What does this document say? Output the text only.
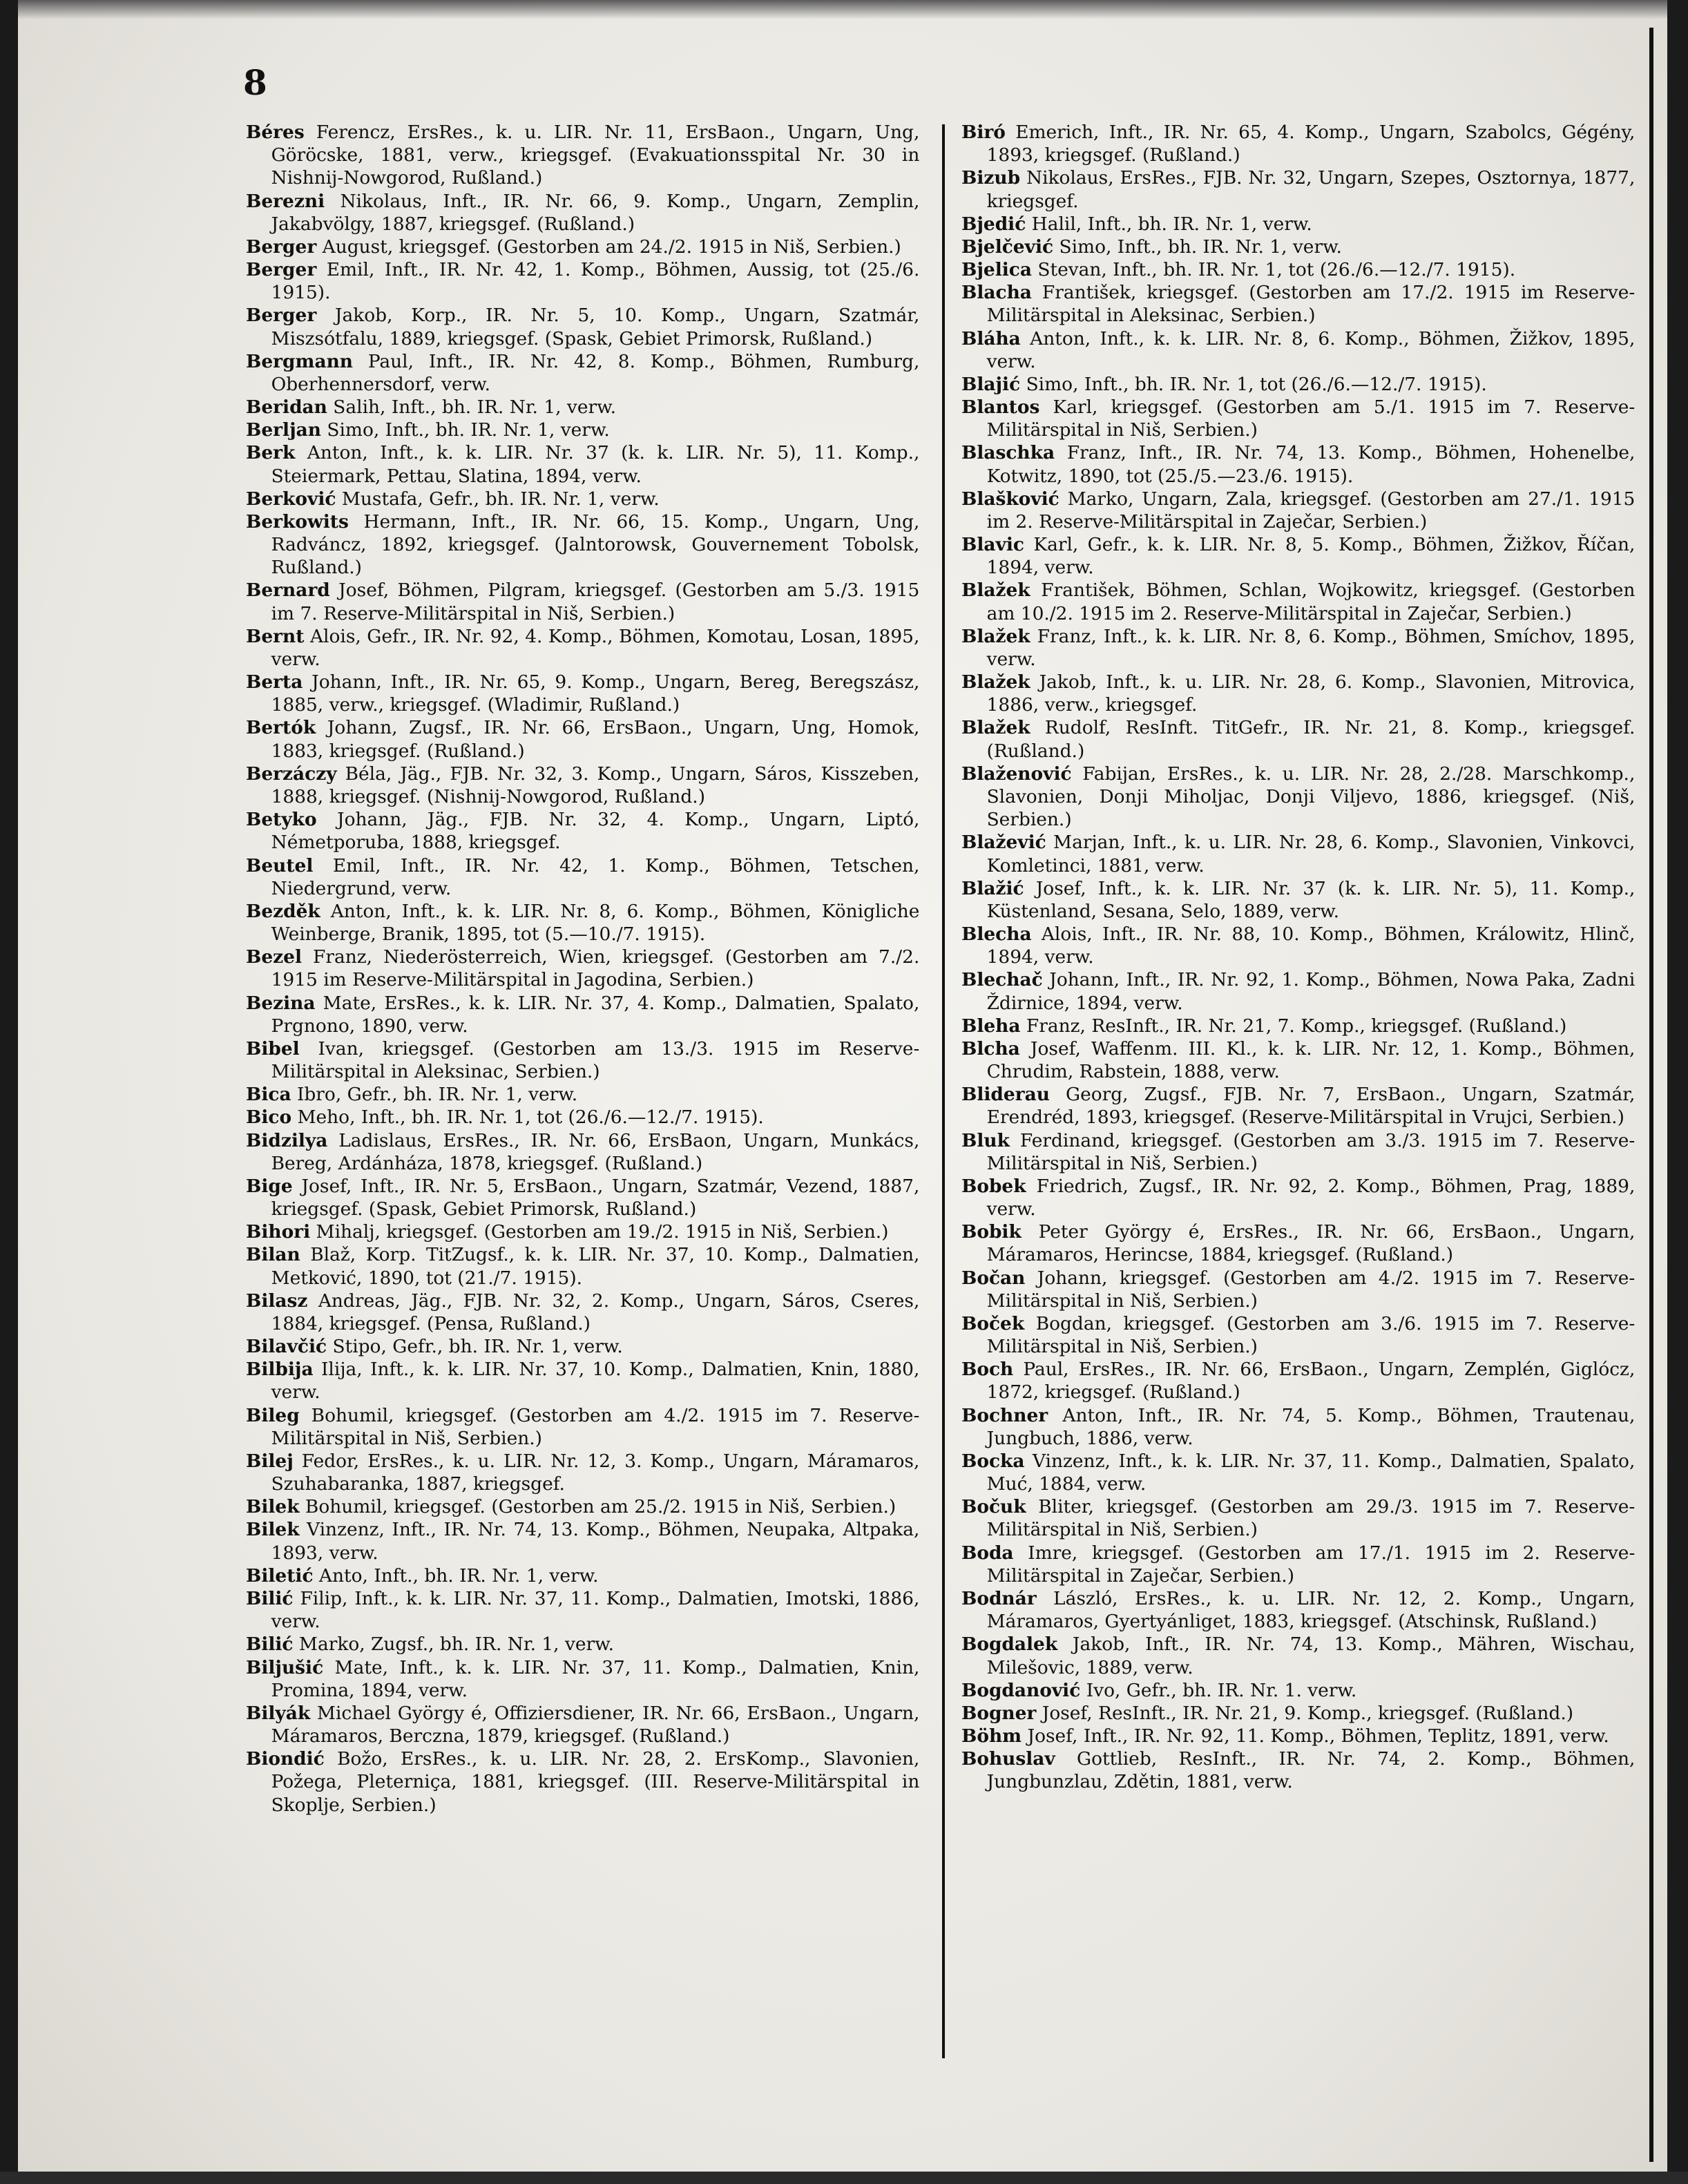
8

Béres Ferencz, ErsRes., k. u. LIR. Nr. 11, ErsBaon., Ungarn, Ung, Göröcske, 1881, verw., kriegsgef. (Evakuationsspital Nr. 30 in Nishnij-Nowgorod, Rußland.)

Berezni Nikolaus, Inft., IR. Nr. 66, 9. Komp., Ungarn, Zemplin, Jakabvölgy, 1887, kriegsgef. (Rußland.)

Berger August, kriegsgef. (Gestorben am 24./2. 1915 in Niš, Serbien.)

Berger Emil, Inft., IR. Nr. 42, 1. Komp., Böhmen, Aussig, tot (25./6. 1915).

Berger Jakob, Korp., IR. Nr. 5, 10. Komp., Ungarn, Szatmár, Miszsótfalu, 1889, kriegsgef. (Spask, Gebiet Primorsk, Rußland.)

Bergmann Paul, Inft., IR. Nr. 42, 8. Komp., Böhmen, Rumburg, Oberhennersdorf, verw.

Beridan Salih, Inft., bh. IR. Nr. 1, verw.

Berljan Simo, Inft., bh. IR. Nr. 1, verw.

Berk Anton, Inft., k. k. LIR. Nr. 37 (k. k. LIR. Nr. 5), 11. Komp., Steiermark, Pettau, Slatina, 1894, verw.

Berković Mustafa, Gefr., bh. IR. Nr. 1, verw.

Berkowits Hermann, Inft., IR. Nr. 66, 15. Komp., Ungarn, Ung, Radváncz, 1892, kriegsgef. (Jalntorowsk, Gouvernement Tobolsk, Rußland.)

Bernard Josef, Böhmen, Pilgram, kriegsgef. (Gestorben am 5./3. 1915 im 7. Reserve-Militärspital in Niš, Serbien.)

Bernt Alois, Gefr., IR. Nr. 92, 4. Komp., Böhmen, Komotau, Losan, 1895, verw.

Berta Johann, Inft., IR. Nr. 65, 9. Komp., Ungarn, Bereg, Beregszász, 1885, verw., kriegsgef. (Wladimir, Rußland.)

Bertók Johann, Zugsf., IR. Nr. 66, ErsBaon., Ungarn, Ung, Homok, 1883, kriegsgef. (Rußland.)

Berzáczy Béla, Jäg., FJB. Nr. 32, 3. Komp., Ungarn, Sáros, Kisszeben, 1888, kriegsgef. (Nishnij-Nowgorod, Rußland.)

Betyko Johann, Jäg., FJB. Nr. 32, 4. Komp., Ungarn, Liptó, Németporuba, 1888, kriegsgef.

Beutel Emil, Inft., IR. Nr. 42, 1. Komp., Böhmen, Tetschen, Niedergrund, verw.

Bezděk Anton, Inft., k. k. LIR. Nr. 8, 6. Komp., Böhmen, Königliche Weinberge, Branik, 1895, tot (5.—10./7. 1915).

Bezel Franz, Niederösterreich, Wien, kriegsgef. (Gestorben am 7./2. 1915 im Reserve-Militärspital in Jagodina, Serbien.)

Bezina Mate, ErsRes., k. k. LIR. Nr. 37, 4. Komp., Dalmatien, Spalato, Prgnono, 1890, verw.

Bibel Ivan, kriegsgef. (Gestorben am 13./3. 1915 im Reserve-Militärspital in Aleksinac, Serbien.)

Bica Ibro, Gefr., bh. IR. Nr. 1, verw.

Bico Meho, Inft., bh. IR. Nr. 1, tot (26./6.—12./7. 1915).

Bidzilya Ladislaus, ErsRes., IR. Nr. 66, ErsBaon, Ungarn, Munkács, Bereg, Ardánháza, 1878, kriegsgef. (Rußland.)

Bige Josef, Inft., IR. Nr. 5, ErsBaon., Ungarn, Szatmár, Vezend, 1887, kriegsgef. (Spask, Gebiet Primorsk, Rußland.)

Bihori Mihalj, kriegsgef. (Gestorben am 19./2. 1915 in Niš, Serbien.)

Bilan Blaž, Korp. TitZugsf., k. k. LIR. Nr. 37, 10. Komp., Dalmatien, Metković, 1890, tot (21./7. 1915).

Bilasz Andreas, Jäg., FJB. Nr. 32, 2. Komp., Ungarn, Sáros, Cseres, 1884, kriegsgef. (Pensa, Rußland.)

Bilavčić Stipo, Gefr., bh. IR. Nr. 1, verw.

Bilbija Ilija, Inft., k. k. LIR. Nr. 37, 10. Komp., Dalmatien, Knin, 1880, verw.

Bileg Bohumil, kriegsgef. (Gestorben am 4./2. 1915 im 7. Reserve-Militärspital in Niš, Serbien.)

Bilej Fedor, ErsRes., k. u. LIR. Nr. 12, 3. Komp., Ungarn, Máramaros, Szuhabaranka, 1887, kriegsgef.

Bilek Bohumil, kriegsgef. (Gestorben am 25./2. 1915 in Niš, Serbien.)

Bilek Vinzenz, Inft., IR. Nr. 74, 13. Komp., Böhmen, Neupaka, Altpaka, 1893, verw.

Biletić Anto, Inft., bh. IR. Nr. 1, verw.

Bilić Filip, Inft., k. k. LIR. Nr. 37, 11. Komp., Dalmatien, Imotski, 1886, verw.

Bilić Marko, Zugsf., bh. IR. Nr. 1, verw.

Biljušić Mate, Inft., k. k. LIR. Nr. 37, 11. Komp., Dalmatien, Knin, Promina, 1894, verw.

Bilyák Michael György é, Offiziersdiener, IR. Nr. 66, ErsBaon., Ungarn, Máramaros, Berczna, 1879, kriegsgef. (Rußland.)

Biondić Božo, ErsRes., k. u. LIR. Nr. 28, 2. ErsKomp., Slavonien, Požega, Pleterniça, 1881, kriegsgef. (III. Reserve-Militärspital in Skoplje, Serbien.)

Biró Emerich, Inft., IR. Nr. 65, 4. Komp., Ungarn, Szabolcs, Gégény, 1893, kriegsgef. (Rußland.)

Bizub Nikolaus, ErsRes., FJB. Nr. 32, Ungarn, Szepes, Osztornya, 1877, kriegsgef.

Bjedić Halil, Inft., bh. IR. Nr. 1, verw.

Bjelčević Simo, Inft., bh. IR. Nr. 1, verw.

Bjelica Stevan, Inft., bh. IR. Nr. 1, tot (26./6.—12./7. 1915).

Blacha František, kriegsgef. (Gestorben am 17./2. 1915 im Reserve-Militärspital in Aleksinac, Serbien.)

Bláha Anton, Inft., k. k. LIR. Nr. 8, 6. Komp., Böhmen, Žižkov, 1895, verw.

Blajić Simo, Inft., bh. IR. Nr. 1, tot (26./6.—12./7. 1915).

Blantos Karl, kriegsgef. (Gestorben am 5./1. 1915 im 7. Reserve-Militärspital in Niš, Serbien.)

Blaschka Franz, Inft., IR. Nr. 74, 13. Komp., Böhmen, Hohenelbe, Kotwitz, 1890, tot (25./5.—23./6. 1915).

Blašković Marko, Ungarn, Zala, kriegsgef. (Gestorben am 27./1. 1915 im 2. Reserve-Militärspital in Zaječar, Serbien.)

Blavic Karl, Gefr., k. k. LIR. Nr. 8, 5. Komp., Böhmen, Žižkov, Říčan, 1894, verw.

Blažek František, Böhmen, Schlan, Wojkowitz, kriegsgef. (Gestorben am 10./2. 1915 im 2. Reserve-Militärspital in Zaječar, Serbien.)

Blažek Franz, Inft., k. k. LIR. Nr. 8, 6. Komp., Böhmen, Smíchov, 1895, verw.

Blažek Jakob, Inft., k. u. LIR. Nr. 28, 6. Komp., Slavonien, Mitrovica, 1886, verw., kriegsgef.

Blažek Rudolf, ResInft. TitGefr., IR. Nr. 21, 8. Komp., kriegsgef. (Rußland.)

Blaženović Fabijan, ErsRes., k. u. LIR. Nr. 28, 2./28. Marschkomp., Slavonien, Donji Miholjac, Donji Viljevo, 1886, kriegsgef. (Niš, Serbien.)

Blažević Marjan, Inft., k. u. LIR. Nr. 28, 6. Komp., Slavonien, Vinkovci, Komletinci, 1881, verw.

Blažić Josef, Inft., k. k. LIR. Nr. 37 (k. k. LIR. Nr. 5), 11. Komp., Küstenland, Sesana, Selo, 1889, verw.

Blecha Alois, Inft., IR. Nr. 88, 10. Komp., Böhmen, Králowitz, Hlinč, 1894, verw.

Blechač Johann, Inft., IR. Nr. 92, 1. Komp., Böhmen, Nowa Paka, Zadni Ždirnice, 1894, verw.

Bleha Franz, ResInft., IR. Nr. 21, 7. Komp., kriegsgef. (Rußland.)

Blcha Josef, Waffenm. III. Kl., k. k. LIR. Nr. 12, 1. Komp., Böhmen, Chrudim, Rabstein, 1888, verw.

Bliderau Georg, Zugsf., FJB. Nr. 7, ErsBaon., Ungarn, Szatmár, Erendréd, 1893, kriegsgef. (Reserve-Militärspital in Vrujci, Serbien.)

Bluk Ferdinand, kriegsgef. (Gestorben am 3./3. 1915 im 7. Reserve-Militärspital in Niš, Serbien.)

Bobek Friedrich, Zugsf., IR. Nr. 92, 2. Komp., Böhmen, Prag, 1889, verw.

Bobik Peter György é, ErsRes., IR. Nr. 66, ErsBaon., Ungarn, Máramaros, Herincse, 1884, kriegsgef. (Rußland.)

Bočan Johann, kriegsgef. (Gestorben am 4./2. 1915 im 7. Reserve-Militärspital in Niš, Serbien.)

Boček Bogdan, kriegsgef. (Gestorben am 3./6. 1915 im 7. Reserve-Militärspital in Niš, Serbien.)

Boch Paul, ErsRes., IR. Nr. 66, ErsBaon., Ungarn, Zemplén, Giglócz, 1872, kriegsgef. (Rußland.)

Bochner Anton, Inft., IR. Nr. 74, 5. Komp., Böhmen, Trautenau, Jungbuch, 1886, verw.

Bocka Vinzenz, Inft., k. k. LIR. Nr. 37, 11. Komp., Dalmatien, Spalato, Muć, 1884, verw.

Bočuk Bliter, kriegsgef. (Gestorben am 29./3. 1915 im 7. Reserve-Militärspital in Niš, Serbien.)

Boda Imre, kriegsgef. (Gestorben am 17./1. 1915 im 2. Reserve-Militärspital in Zaječar, Serbien.)

Bodnár László, ErsRes., k. u. LIR. Nr. 12, 2. Komp., Ungarn, Máramaros, Gyertyánliget, 1883, kriegsgef. (Atschinsk, Rußland.)

Bogdalek Jakob, Inft., IR. Nr. 74, 13. Komp., Mähren, Wischau, Milešovic, 1889, verw.

Bogdanović Ivo, Gefr., bh. IR. Nr. 1. verw.

Bogner Josef, ResInft., IR. Nr. 21, 9. Komp., kriegsgef. (Rußland.)

Böhm Josef, Inft., IR. Nr. 92, 11. Komp., Böhmen, Teplitz, 1891, verw.

Bohuslav Gottlieb, ResInft., IR. Nr. 74, 2. Komp., Böhmen, Jungbunzlau, Zdětin, 1881, verw.
